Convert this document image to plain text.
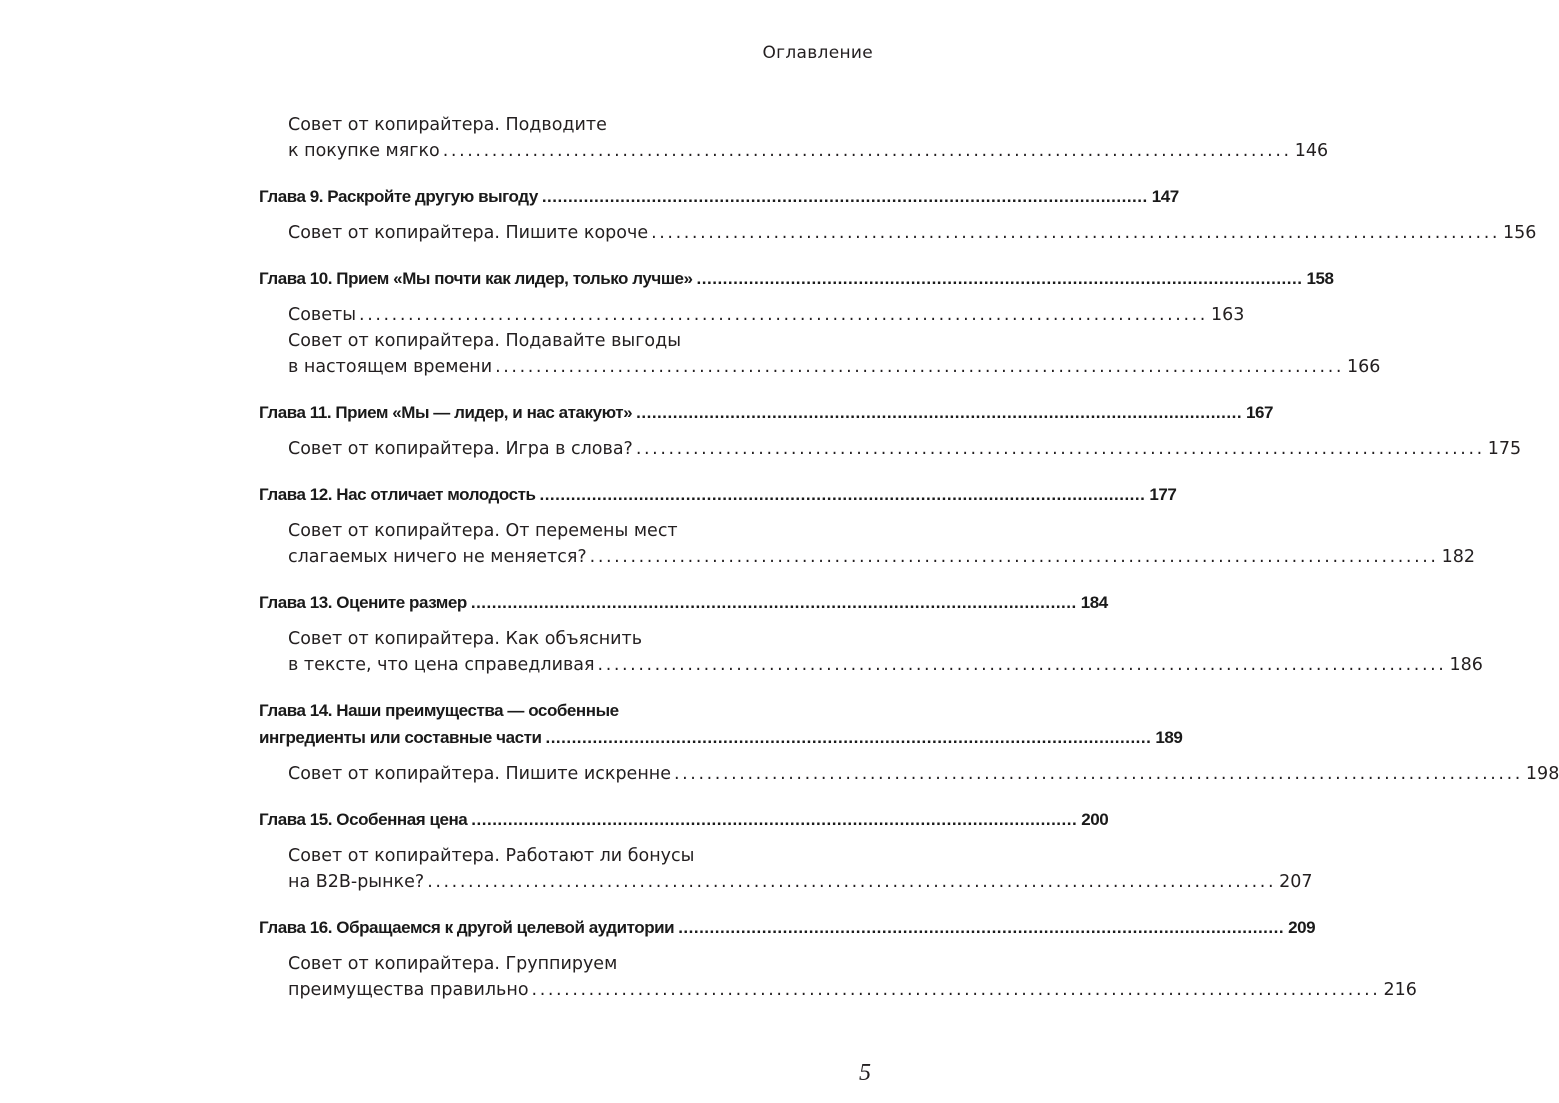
Оглавление
Совет от копирайтера. Подводите
к покупке мягко ........................................................................................................ 146
Глава 9. Раскройте другую выгоду .................................................................................................................... 147
Совет от копирайтера. Пишите короче ........................................................................................................ 156
Глава 10. Прием «Мы почти как лидер, только лучше» .................................................................................................................... 158
Советы ........................................................................................................ 163
Совет от копирайтера. Подавайте выгоды
в настоящем времени ........................................................................................................ 166
Глава 11. Прием «Мы — лидер, и нас атакуют» .................................................................................................................... 167
Совет от копирайтера. Игра в слова? ........................................................................................................ 175
Глава 12. Нас отличает молодость .................................................................................................................... 177
Совет от копирайтера. От перемены мест
слагаемых ничего не меняется? ........................................................................................................ 182
Глава 13. Оцените размер .................................................................................................................... 184
Совет от копирайтера. Как объяснить
в тексте, что цена справедливая ........................................................................................................ 186
Глава 14. Наши преимущества — особенные
ингредиенты или составные части .................................................................................................................... 189
Совет от копирайтера. Пишите искренне ........................................................................................................ 198
Глава 15. Особенная цена .................................................................................................................... 200
Совет от копирайтера. Работают ли бонусы
на B2B-рынке? ........................................................................................................ 207
Глава 16. Обращаемся к другой целевой аудитории .................................................................................................................... 209
Совет от копирайтера. Группируем
преимущества правильно ........................................................................................................ 216
5
